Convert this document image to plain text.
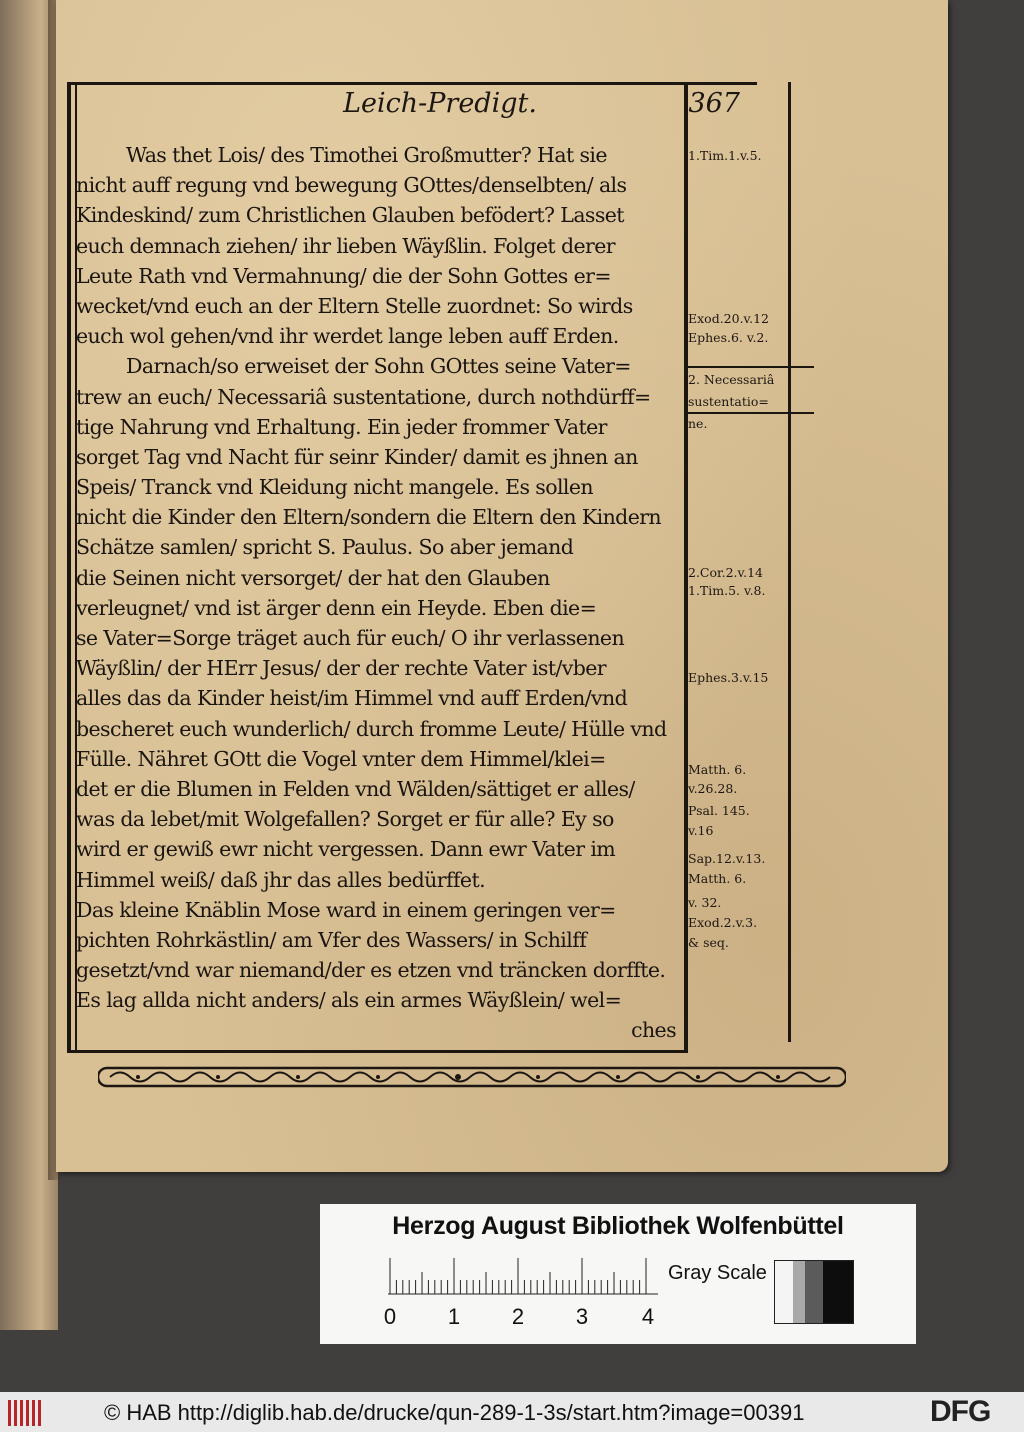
Leich-Predigt.	367
Was thet Lois/ des Timothei Großmutter? Hat sie
nicht auff regung vnd bewegung GOttes/denselbten/ als
Kindeskind/ zum Christlichen Glauben befödert? Lasset
euch demnach ziehen/ ihr lieben Wäyßlin. Folget derer
Leute Rath vnd Vermahnung/ die der Sohn Gottes er=
wecket/vnd euch an der Eltern Stelle zuordnet: So wirds
euch wol gehen/vnd ihr werdet lange leben auff Erden.
Darnach/so erweiset der Sohn GOttes seine Vater=
trew an euch/ Necessariâ sustentatione, durch nothdürff=
tige Nahrung vnd Erhaltung. Ein jeder frommer Vater
sorget Tag vnd Nacht für seinr Kinder/ damit es jhnen an
Speis/ Tranck vnd Kleidung nicht mangele. Es sollen
nicht die Kinder den Eltern/sondern die Eltern den Kindern
Schätze samlen/ spricht S. Paulus. So aber jemand
die Seinen nicht versorget/ der hat den Glauben
verleugnet/ vnd ist ärger denn ein Heyde. Eben die=
se Vater=Sorge träget auch für euch/ O ihr verlassenen
Wäyßlin/ der HErr Jesus/ der der rechte Vater ist/vber
alles das da Kinder heist/im Himmel vnd auff Erden/vnd
bescheret euch wunderlich/ durch fromme Leute/ Hülle vnd
Fülle. Nähret GOtt die Vogel vnter dem Himmel/klei=
det er die Blumen in Felden vnd Wälden/sättiget er alles/
was da lebet/mit Wolgefallen? Sorget er für alle? Ey so
wird er gewiß ewr nicht vergessen. Dann ewr Vater im
Himmel weiß/ daß jhr das alles bedürffet.
Das kleine Knäblin Mose ward in einem geringen ver=
pichten Rohrkästlin/ am Vfer des Wassers/ in Schilff
gesetzt/vnd war niemand/der es etzen vnd träncken dorffte.
Es lag allda nicht anders/ als ein armes Wäyßlein/ wel=
ches
1.Tim.1.v.5.
Exod.20.v.12
Ephes.6. v.2.
2. Necessariâ
sustentatio=
ne.
2.Cor.2.v.14
1.Tim.5. v.8.
Ephes.3.v.15
Matth. 6.
v.26.28.
Psal. 145.
v.16
Sap.12.v.13.
Matth. 6.
v. 32.
Exod.2.v.3.
& seq.
Herzog August Bibliothek Wolfenbüttel
0 1 2 3 4
Gray Scale
© HAB http://diglib.hab.de/drucke/qun-289-1-3s/start.htm?image=00391	DFG
